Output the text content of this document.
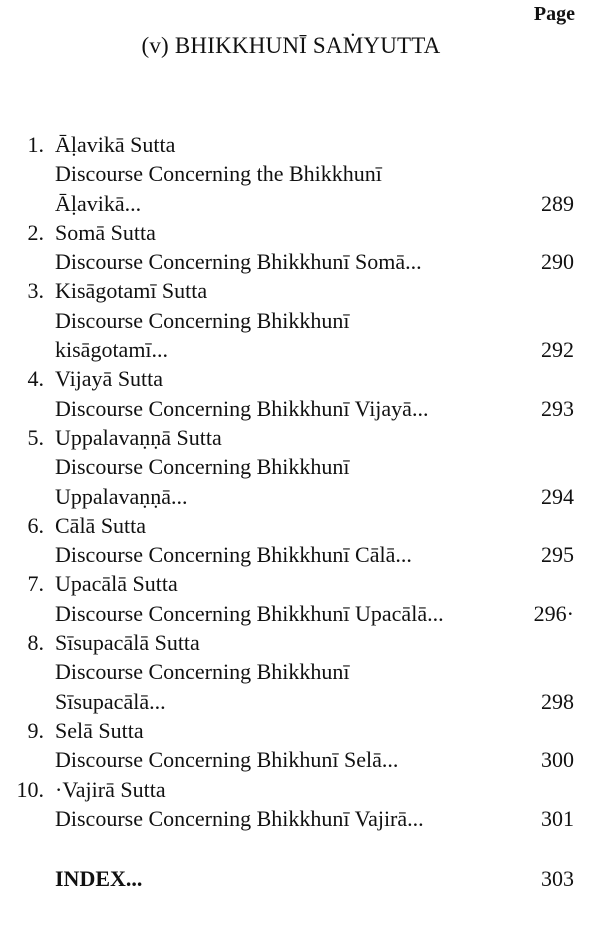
Page
(v) BHIKKHUNĪ SAṀYUTTA
1. Āḷavikā Sutta
Discourse Concerning the Bhikkhunī
Āḷavikā...	289
2. Somā Sutta
Discourse Concerning Bhikkhunī Somā...	290
3. Kisāgotamī Sutta
Discourse Concerning Bhikkhunī
kisāgotamī...	292
4. Vijayā Sutta
Discourse Concerning Bhikkhunī Vijayā...	293
5. Uppalavaṇṇā Sutta
Discourse Concerning Bhikkhunī
Uppalavaṇṇā...	294
6. Cālā Sutta
Discourse Concerning Bhikkhunī Cālā...	295
7. Upacālā Sutta
Discourse Concerning Bhikkhunī Upacālā...	296·
8. Sīsupacālā Sutta
Discourse Concerning Bhikkhunī
Sīsupacālā...	298
9. Selā Sutta
Discourse Concerning Bhikhunī Selā...	300
10. ·Vajirā Sutta
Discourse Concerning Bhikkhunī Vajirā...	301
INDEX...	303
